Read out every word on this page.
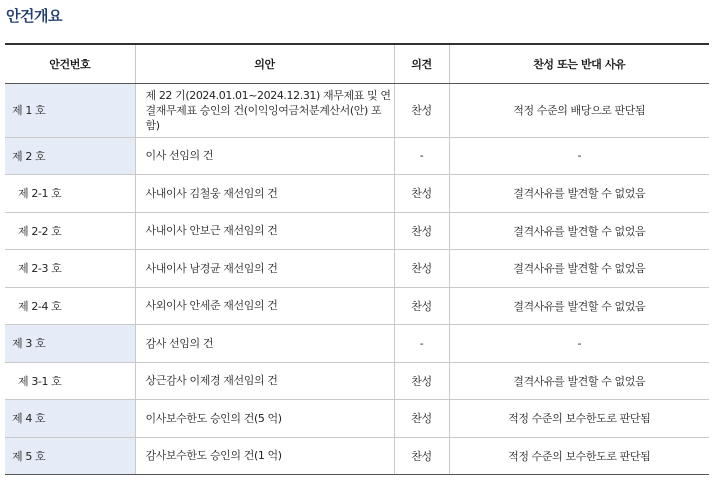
안건개요
안건번호	의안	의견	찬성 또는 반대 사유
제 1 호	제 22 기(2024.01.01~2024.12.31) 재무제표 및 연결재무제표 승인의 건(이익잉여금처분계산서(안) 포함)	찬성	적정 수준의 배당으로 판단됨
제 2 호	이사 선임의 건	-	-
제 2-1 호	사내이사 김철웅 재선임의 건	찬성	결격사유를 발견할 수 없었음
제 2-2 호	사내이사 안보근 재선임의 건	찬성	결격사유를 발견할 수 없었음
제 2-3 호	사내이사 남경균 재선임의 건	찬성	결격사유를 발견할 수 없었음
제 2-4 호	사외이사 안세준 재선임의 건	찬성	결격사유를 발견할 수 없었음
제 3 호	감사 선임의 건	-	-
제 3-1 호	상근감사 이제경 재선임의 건	찬성	결격사유를 발견할 수 없었음
제 4 호	이사보수한도 승인의 건(5 억)	찬성	적정 수준의 보수한도로 판단됨
제 5 호	감사보수한도 승인의 건(1 억)	찬성	적정 수준의 보수한도로 판단됨
